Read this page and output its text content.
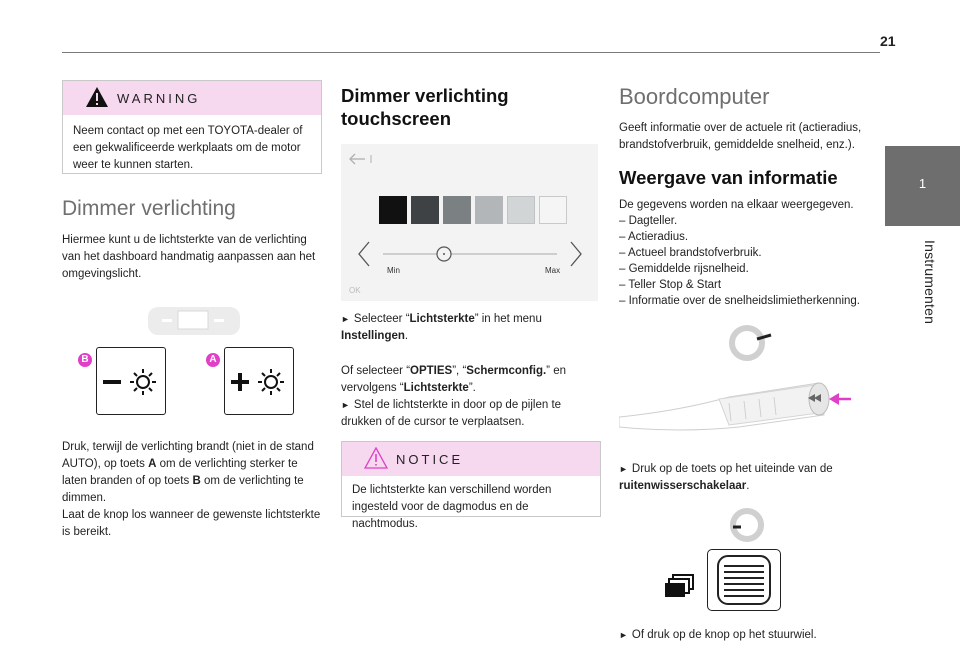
21
1
Instrumenten
WARNING
Neem contact op met een TOYOTA-dealer of een gekwalificeerde werkplaats om de motor weer te kunnen starten.
Dimmer verlichting

Hiermee kunt u de lichtsterkte van de verlichting van het dashboard handmatig aanpassen aan het omgevingslicht.

B	A

Druk, terwijl de verlichting brandt (niet in de stand AUTO), op toets A om de verlichting sterker te laten branden of op toets B om de verlichting te dimmen.

Laat de knop los wanneer de gewenste lichtsterkte is bereikt.

Dimmer verlichting touchscreen
Min	Max
OK

► Selecteer “Lichtsterkte” in het menu Instellingen.

Of selecteer “OPTIES”, “Schermconfig.” en vervolgens “Lichtsterkte”.

► Stel de lichtsterkte in door op de pijlen te drukken of de cursor te verplaatsen.

NOTICE
De lichtsterkte kan verschillend worden ingesteld voor de dagmodus en de nachtmodus.
Boordcomputer

Geeft informatie over de actuele rit (actieradius, brandstofverbruik, gemiddelde snelheid, enz.).

Weergave van informatie

De gegevens worden na elkaar weergegeven.

– Dagteller.
– Actieradius.
– Actueel brandstofverbruik.
– Gemiddelde rijsnelheid.
– Teller Stop & Start
– Informatie over de snelheidslimietherkenning.

► Druk op de toets op het uiteinde van de ruitenwisserschakelaar.

► Of druk op de knop op het stuurwiel.
